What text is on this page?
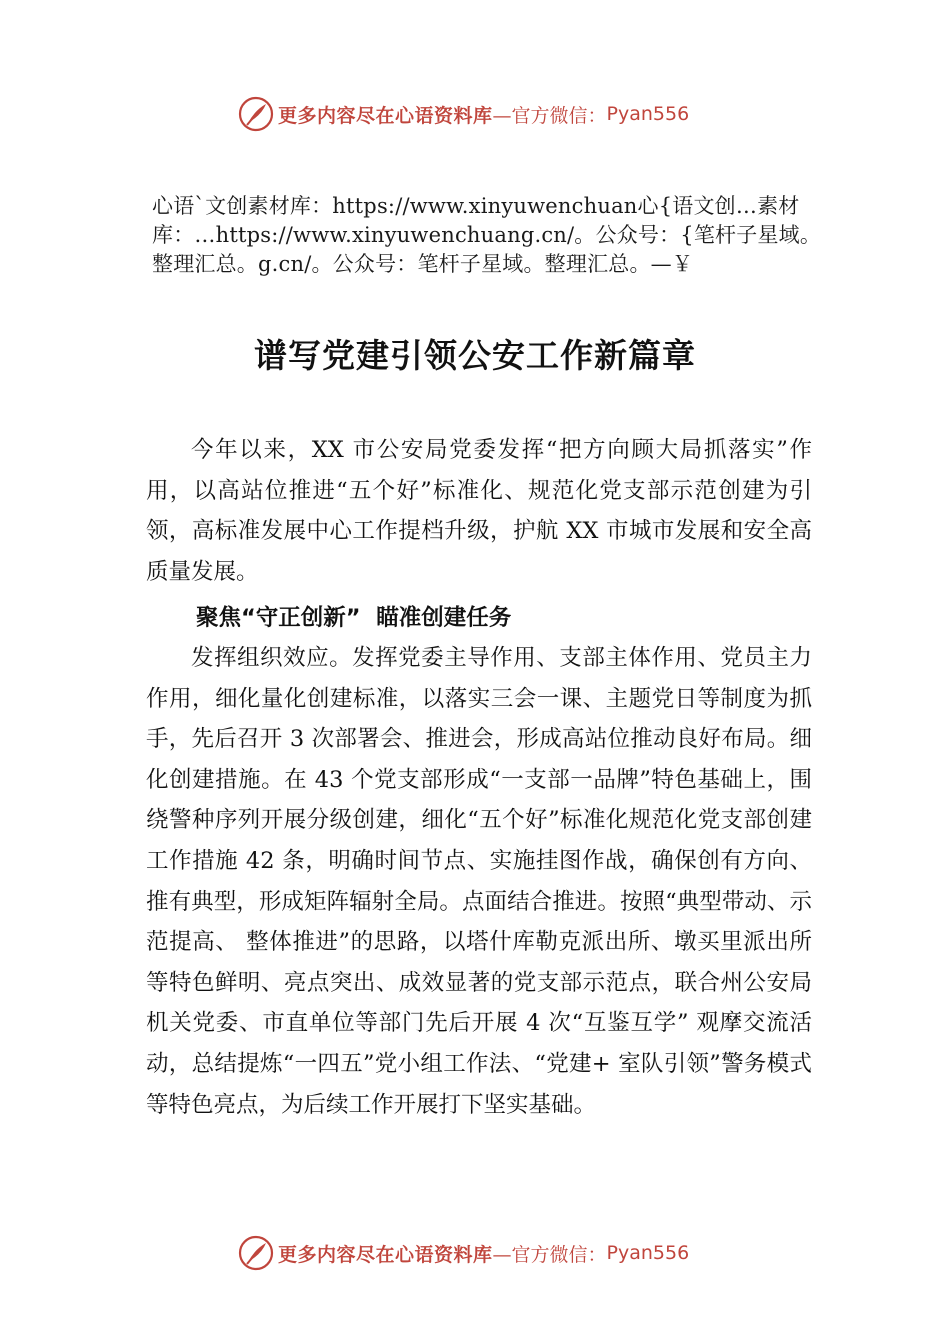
更多内容尽在心语资料库 —官方微信： Pyan556
心语`文创素材库：https://www.xinyuwenchuan心{语文创…素材库：…https://www.xinyuwenchuang.cn/。公众号：{笔杆子星域。整理汇总。g.cn/。公众号：笔杆子星域。整理汇总。—￥
谱写党建引领公安工作新篇章
今年以来，XX 市公安局党委发挥“把方向顾大局抓落实”作用，以高站位推进“五个好”标准化、规范化党支部示范创建为引领，高标准发展中心工作提档升级，护航 XX 市城市发展和安全高质量发展。
聚焦“守正创新”  瞄准创建任务
发挥组织效应。发挥党委主导作用、支部主体作用、党员主力作用，细化量化创建标准，以落实三会一课、主题党日等制度为抓手，先后召开 3 次部署会、推进会，形成高站位推动良好布局。细化创建措施。在 43 个党支部形成“一支部一品牌”特色基础上，围绕警种序列开展分级创建，细化“五个好”标准化规范化党支部创建工作措施 42 条，明确时间节点、实施挂图作战，确保创有方向、推有典型，形成矩阵辐射全局。点面结合推进。按照“典型带动、示范提高、 整体推进”的思路，以塔什库勒克派出所、墩买里派出所等特色鲜明、亮点突出、成效显著的党支部示范点，联合州公安局机关党委、市直单位等部门先后开展 4 次“互鉴互学” 观摩交流活动，总结提炼“一四五”党小组工作法、“党建+ 室队引领”警务模式等特色亮点，为后续工作开展打下坚实基础。
更多内容尽在心语资料库 —官方微信： Pyan556
